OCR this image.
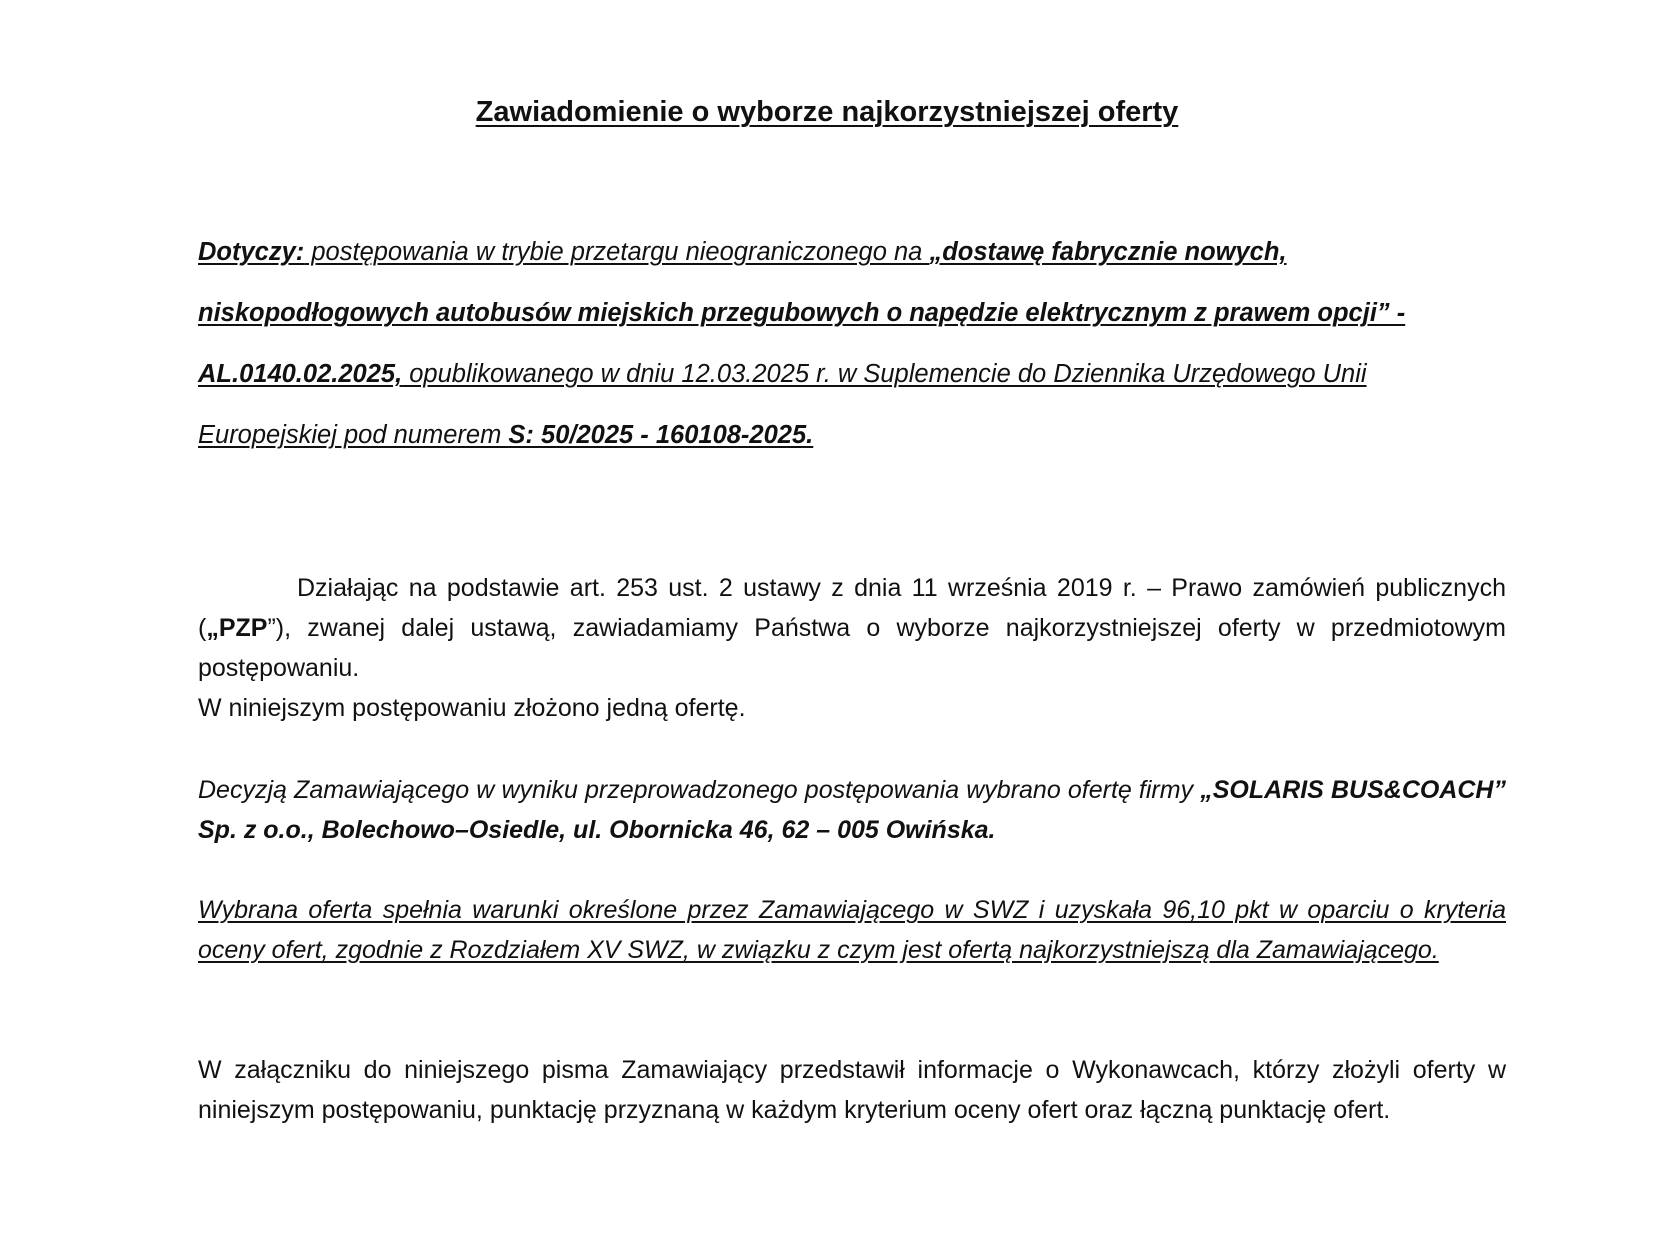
Zawiadomienie o wyborze najkorzystniejszej oferty
Dotyczy: postępowania w trybie przetargu nieograniczonego na „dostawę fabrycznie nowych, niskopodłogowych autobusów miejskich przegubowych o napędzie elektrycznym z prawem opcji” - AL.0140.02.2025, opublikowanego w dniu 12.03.2025 r. w Suplemencie do Dziennika Urzędowego Unii Europejskiej pod numerem S: 50/2025 - 160108-2025.
Działając na podstawie art. 253 ust. 2 ustawy z dnia 11 września 2019 r. – Prawo zamówień publicznych („PZP”), zwanej dalej ustawą, zawiadamiamy Państwa o wyborze najkorzystniejszej oferty w przedmiotowym postępowaniu.
W niniejszym postępowaniu złożono jedną ofertę.
Decyzją Zamawiającego w wyniku przeprowadzonego postępowania wybrano ofertę firmy „SOLARIS BUS&COACH” Sp. z o.o., Bolechowo–Osiedle, ul. Obornicka 46, 62 – 005 Owińska.
Wybrana oferta spełnia warunki określone przez Zamawiającego w SWZ i uzyskała 96,10 pkt w oparciu o kryteria oceny ofert, zgodnie z Rozdziałem XV SWZ, w związku z czym jest ofertą najkorzystniejszą dla Zamawiającego.
W załączniku do niniejszego pisma Zamawiający przedstawił informacje o Wykonawcach, którzy złożyli oferty w niniejszym postępowaniu, punktację przyznaną w każdym kryterium oceny ofert oraz łączną punktację ofert.
